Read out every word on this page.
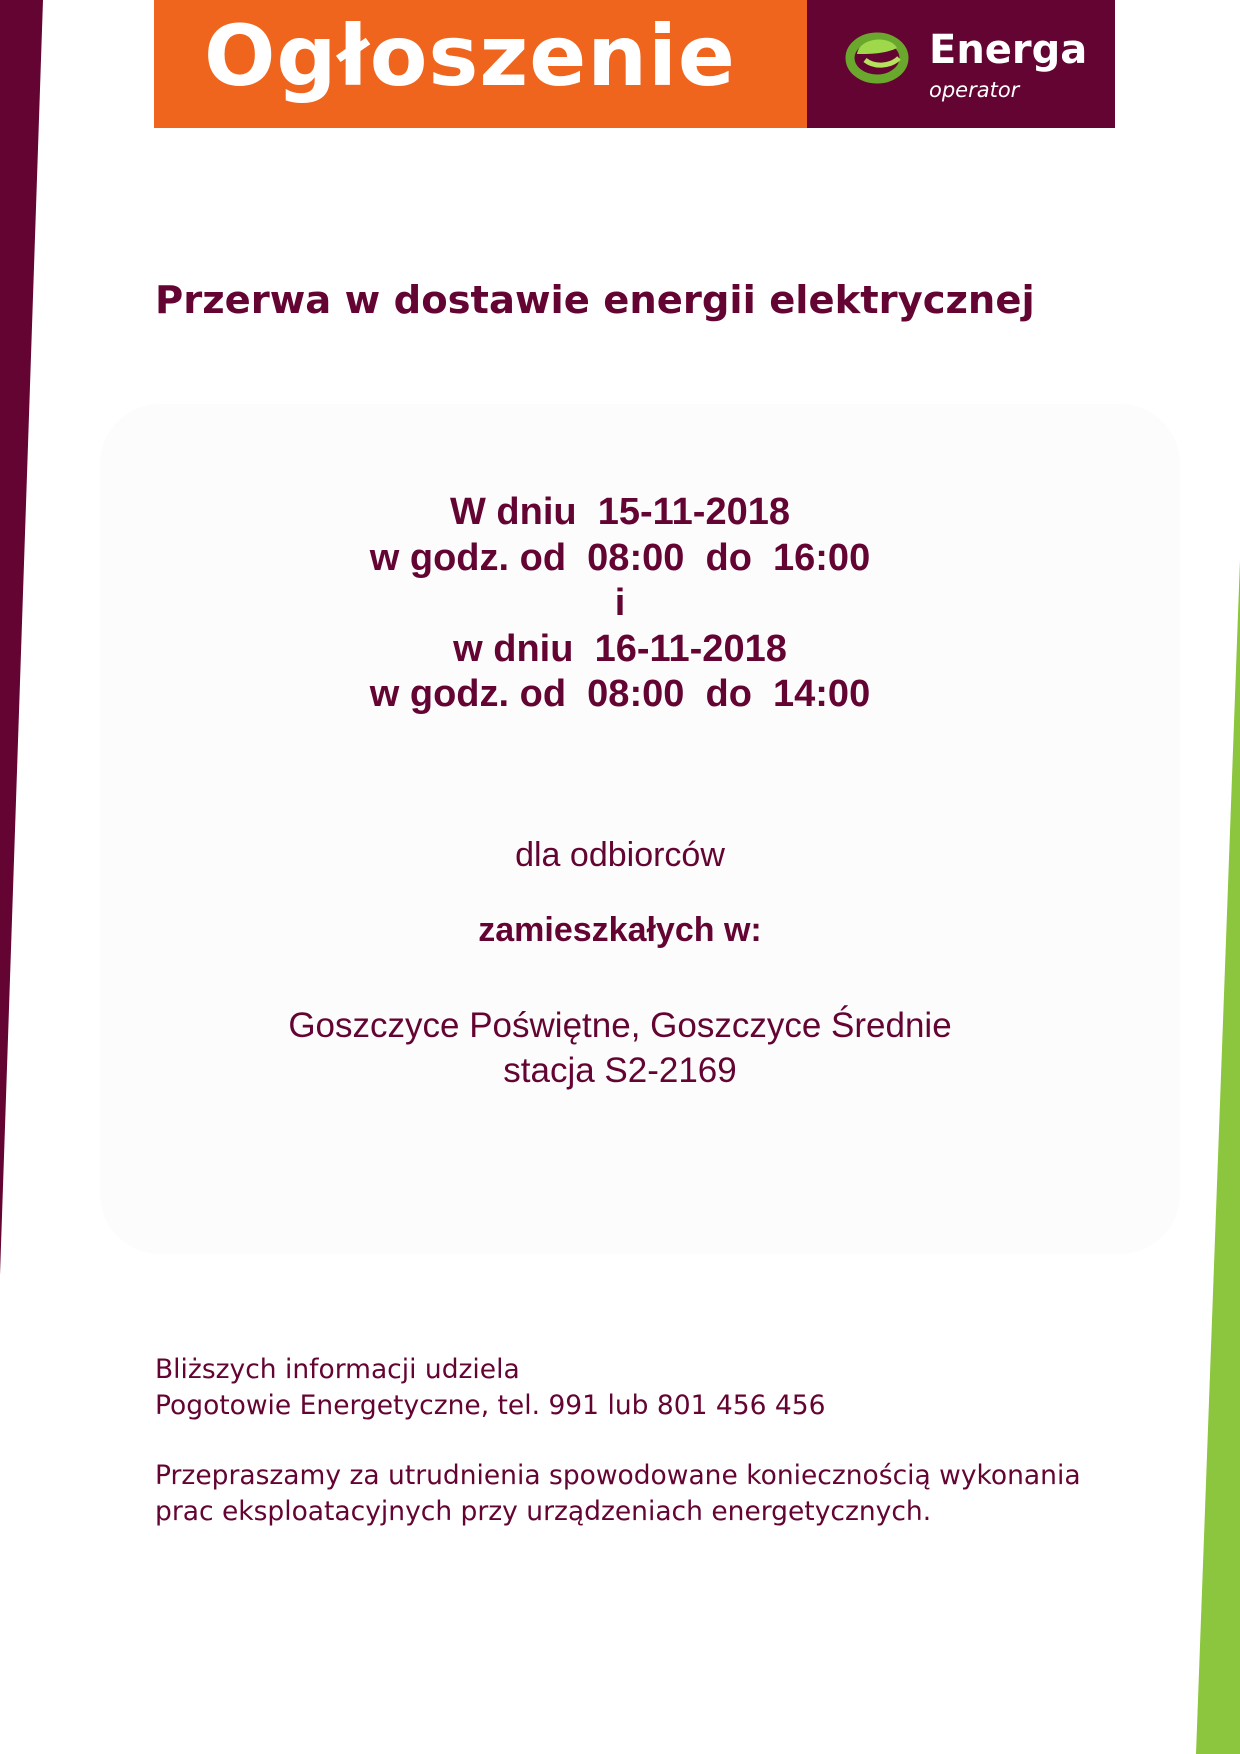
Ogłoszenie	Energa
operator
Przerwa w dostawie energii elektrycznej
W dniu  15-11-2018
w godz. od  08:00  do  16:00
i
w dniu  16-11-2018
w godz. od  08:00  do  14:00
dla odbiorców
zamieszkałych w:
Goszczyce Poświętne, Goszczyce Średnie
stacja S2-2169

Bliższych informacji udziela

Pogotowie Energetyczne, tel. 991 lub 801 456 456

Przepraszamy za utrudnienia spowodowane koniecznością wykonania

prac eksploatacyjnych przy urządzeniach energetycznych.
